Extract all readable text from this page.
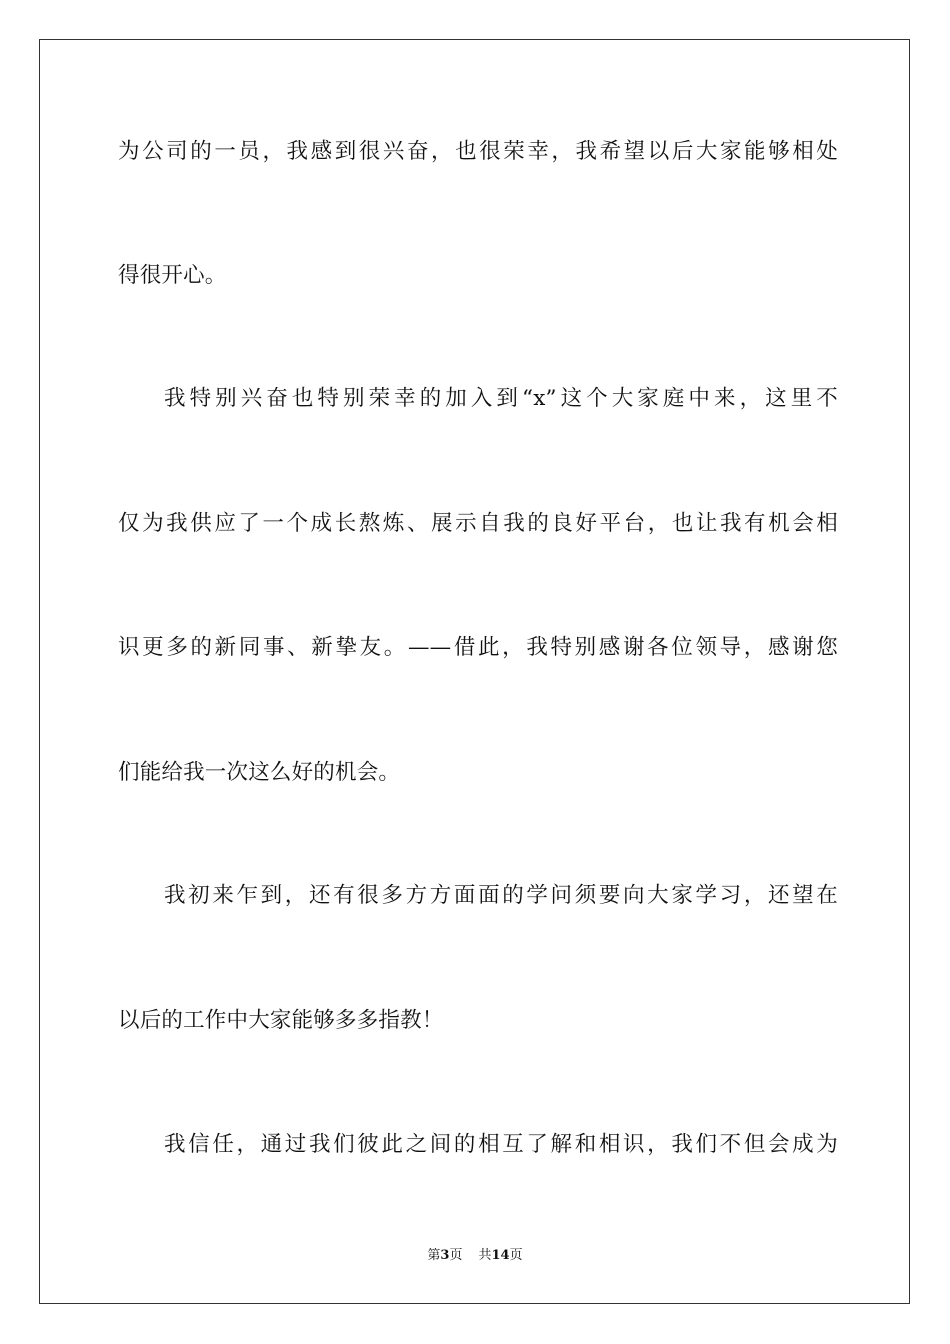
为公司的一员，我感到很兴奋，也很荣幸，我希望以后大家能够相处
得很开心。
我特别兴奋也特别荣幸的加入到“x”这个大家庭中来，这里不
仅为我供应了一个成长熬炼、展示自我的良好平台，也让我有机会相
识更多的新同事、新挚友。——借此，我特别感谢各位领导，感谢您
们能给我一次这么好的机会。
我初来乍到，还有很多方方面面的学问须要向大家学习，还望在
以后的工作中大家能够多多指教！
我信任，通过我们彼此之间的相互了解和相识，我们不但会成为
第3页 共14页
